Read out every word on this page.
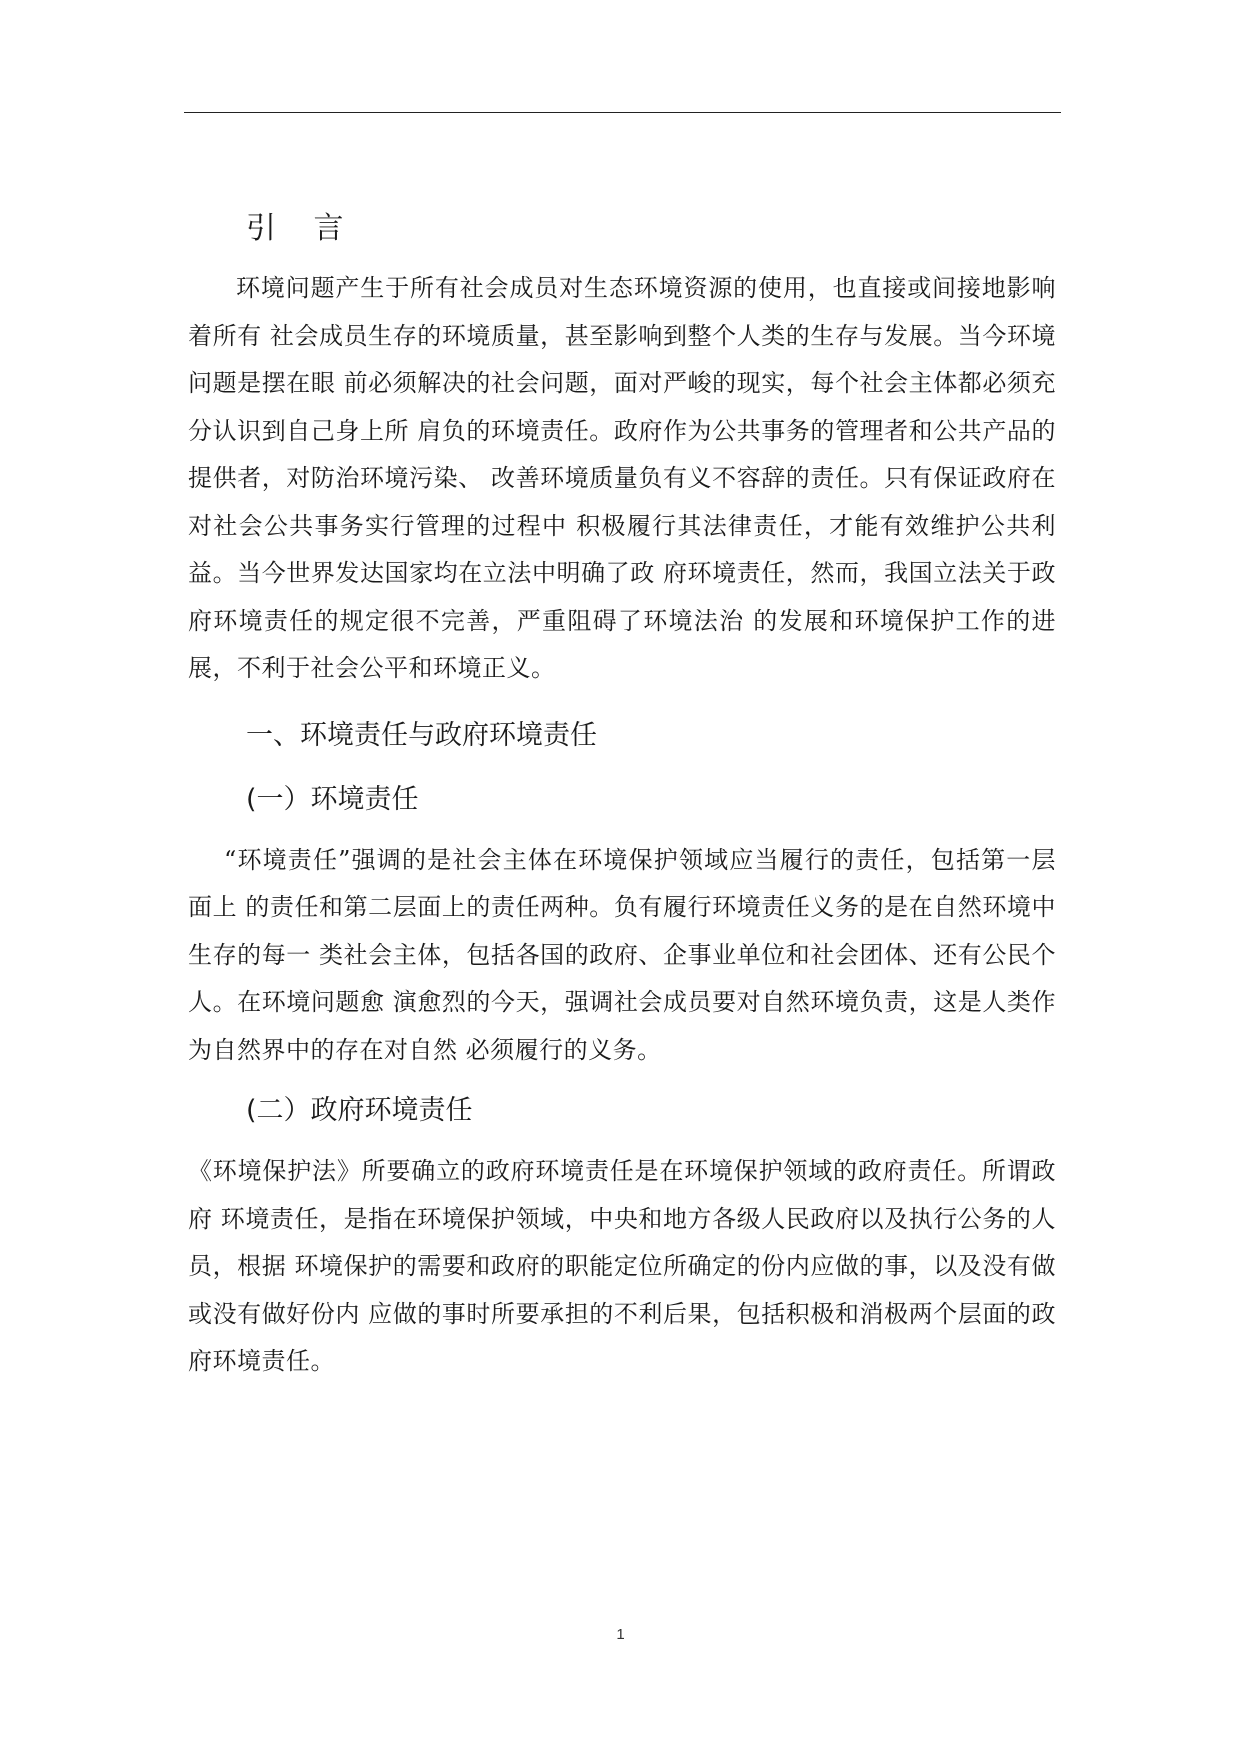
引 言

环境问题产生于所有社会成员对生态环境资源的使用，也直接或间接地影响着所有 社会成员生存的环境质量，甚至影响到整个人类的生存与发展。当今环境问题是摆在眼 前必须解决的社会问题，面对严峻的现实，每个社会主体都必须充分认识到自己身上所 肩负的环境责任。政府作为公共事务的管理者和公共产品的提供者，对防治环境污染、 改善环境质量负有义不容辞的责任。只有保证政府在对社会公共事务实行管理的过程中 积极履行其法律责任，才能有效维护公共利益。当今世界发达国家均在立法中明确了政 府环境责任，然而，我国立法关于政府环境责任的规定很不完善，严重阻碍了环境法治 的发展和环境保护工作的进展，不利于社会公平和环境正义。

一、环境责任与政府环境责任
(一）环境责任

“环境责任”强调的是社会主体在环境保护领域应当履行的责任，包括第一层面上 的责任和第二层面上的责任两种。负有履行环境责任义务的是在自然环境中生存的每一 类社会主体，包括各国的政府、企事业单位和社会团体、还有公民个人。在环境问题愈 演愈烈的今天，强调社会成员要对自然环境负责，这是人类作为自然界中的存在对自然 必须履行的义务。

(二）政府环境责任

《环境保护法》所要确立的政府环境责任是在环境保护领域的政府责任。所谓政府 环境责任，是指在环境保护领域，中央和地方各级人民政府以及执行公务的人员，根据 环境保护的需要和政府的职能定位所确定的份内应做的事，以及没有做或没有做好份内 应做的事时所要承担的不利后果，包括积极和消极两个层面的政府环境责任。

1
